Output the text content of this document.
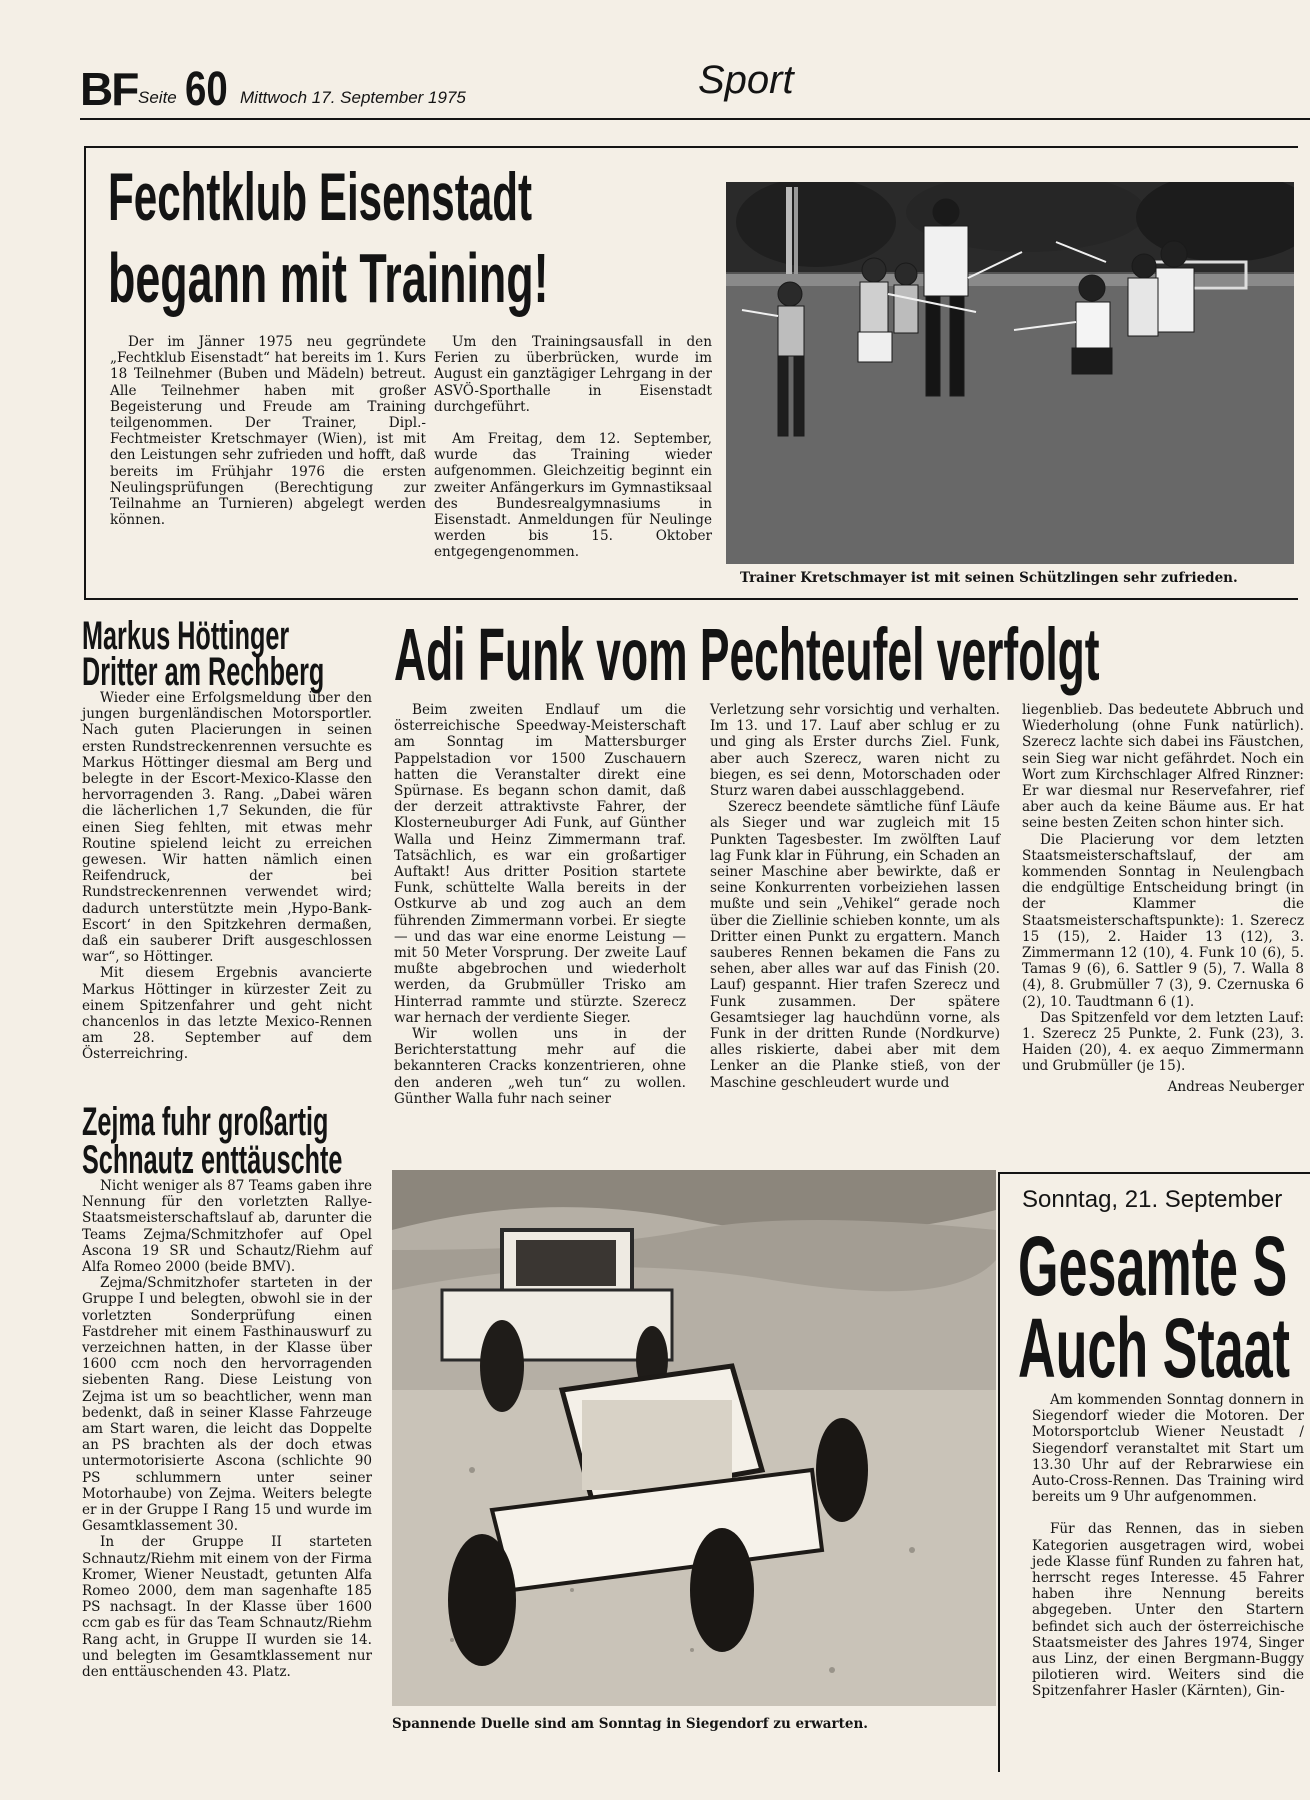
BF Seite 60 Mittwoch 17. September 1975	Sport
Fechtklub Eisenstadt
begann mit Training!

Der im Jänner 1975 neu gegründete „Fechtklub Eisenstadt“ hat bereits im 1. Kurs 18 Teilnehmer (Buben und Mädeln) betreut. Alle Teilnehmer haben mit großer Begeisterung und Freude am Training teilgenommen. Der Trainer, Dipl.-Fechtmeister Kretschmayer (Wien), ist mit den Leistungen sehr zufrieden und hofft, daß bereits im Frühjahr 1976 die ersten Neulingsprüfungen (Berechtigung zur Teilnahme an Turnieren) abgelegt werden können.

Um den Trainingsausfall in den Ferien zu überbrücken, wurde im August ein ganztägiger Lehrgang in der ASVÖ-Sporthalle in Eisenstadt durchgeführt.

Am Freitag, dem 12. September, wurde das Training wieder aufgenommen. Gleichzeitig beginnt ein zweiter Anfängerkurs im Gymnastiksaal des Bundesrealgymnasiums in Eisenstadt. Anmeldungen für Neulinge werden bis 15. Oktober entgegengenommen.

Trainer Kretschmayer ist mit seinen Schützlingen sehr zufrieden.
Markus Höttinger
Dritter am Rechberg

Wieder eine Erfolgsmeldung über den jungen burgenländischen Motorsportler. Nach guten Placierungen in seinen ersten Rundstreckenrennen versuchte es Markus Höttinger diesmal am Berg und belegte in der Escort-Mexico-Klasse den hervorragenden 3. Rang. „Dabei wären die lächerlichen 1,7 Sekunden, die für einen Sieg fehlten, mit etwas mehr Routine spielend leicht zu erreichen gewesen. Wir hatten nämlich einen Reifendruck, der bei Rundstreckenrennen verwendet wird; dadurch unterstützte mein ‚Hypo-Bank-Escort‘ in den Spitzkehren dermaßen, daß ein sauberer Drift ausgeschlossen war“, so Höttinger.

Mit diesem Ergebnis avancierte Markus Höttinger in kürzester Zeit zu einem Spitzenfahrer und geht nicht chancenlos in das letzte Mexico-Rennen am 28. September auf dem Österreichring.

Zejma fuhr großartig
Schnautz enttäuschte

Nicht weniger als 87 Teams gaben ihre Nennung für den vorletzten Rallye-Staatsmeisterschaftslauf ab, darunter die Teams Zejma/Schmitzhofer auf Opel Ascona 19 SR und Schautz/Riehm auf Alfa Romeo 2000 (beide BMV).

Zejma/Schmitzhofer starteten in der Gruppe I und belegten, obwohl sie in der vorletzten Sonderprüfung einen Fastdreher mit einem Fasthinauswurf zu verzeichnen hatten, in der Klasse über 1600 ccm noch den hervorragenden siebenten Rang. Diese Leistung von Zejma ist um so beachtlicher, wenn man bedenkt, daß in seiner Klasse Fahrzeuge am Start waren, die leicht das Doppelte an PS brachten als der doch etwas untermotorisierte Ascona (schlichte 90 PS schlummern unter seiner Motorhaube) von Zejma. Weiters belegte er in der Gruppe I Rang 15 und wurde im Gesamtklassement 30.

In der Gruppe II starteten Schnautz/Riehm mit einem von der Firma Kromer, Wiener Neustadt, getunten Alfa Romeo 2000, dem man sagenhafte 185 PS nachsagt. In der Klasse über 1600 ccm gab es für das Team Schnautz/Riehm Rang acht, in Gruppe II wurden sie 14. und belegten im Gesamtklassement nur den enttäuschenden 43. Platz.

Adi Funk vom Pechteufel verfolgt

Beim zweiten Endlauf um die österreichische Speedway-Meisterschaft am Sonntag im Mattersburger Pappelstadion vor 1500 Zuschauern hatten die Veranstalter direkt eine Spürnase. Es begann schon damit, daß der derzeit attraktivste Fahrer, der Klosterneuburger Adi Funk, auf Günther Walla und Heinz Zimmermann traf. Tatsächlich, es war ein großartiger Auftakt! Aus dritter Position startete Funk, schüttelte Walla bereits in der Ostkurve ab und zog auch an dem führenden Zimmermann vorbei. Er siegte — und das war eine enorme Leistung — mit 50 Meter Vorsprung. Der zweite Lauf mußte abgebrochen und wiederholt werden, da Grubmüller Trisko am Hinterrad rammte und stürzte. Szerecz war hernach der verdiente Sieger.

Wir wollen uns in der Berichterstattung mehr auf die bekannteren Cracks konzentrieren, ohne den anderen „weh tun“ zu wollen. Günther Walla fuhr nach seiner

Verletzung sehr vorsichtig und verhalten. Im 13. und 17. Lauf aber schlug er zu und ging als Erster durchs Ziel. Funk, aber auch Szerecz, waren nicht zu biegen, es sei denn, Motorschaden oder Sturz waren dabei ausschlaggebend.

Szerecz beendete sämtliche fünf Läufe als Sieger und war zugleich mit 15 Punkten Tagesbester. Im zwölften Lauf lag Funk klar in Führung, ein Schaden an seiner Maschine aber bewirkte, daß er seine Konkurrenten vorbeiziehen lassen mußte und sein „Vehikel“ gerade noch über die Ziellinie schieben konnte, um als Dritter einen Punkt zu ergattern. Manch sauberes Rennen bekamen die Fans zu sehen, aber alles war auf das Finish (20. Lauf) gespannt. Hier trafen Szerecz und Funk zusammen. Der spätere Gesamtsieger lag hauchdünn vorne, als Funk in der dritten Runde (Nordkurve) alles riskierte, dabei aber mit dem Lenker an die Planke stieß, von der Maschine geschleudert wurde und

liegenblieb. Das bedeutete Abbruch und Wiederholung (ohne Funk natürlich). Szerecz lachte sich dabei ins Fäustchen, sein Sieg war nicht gefährdet. Noch ein Wort zum Kirchschlager Alfred Rinzner: Er war diesmal nur Reservefahrer, rief aber auch da keine Bäume aus. Er hat seine besten Zeiten schon hinter sich.

Die Placierung vor dem letzten Staatsmeisterschaftslauf, der am kommenden Sonntag in Neulengbach die endgültige Entscheidung bringt (in der Klammer die Staatsmeisterschaftspunkte): 1. Szerecz 15 (15), 2. Haider 13 (12), 3. Zimmermann 12 (10), 4. Funk 10 (6), 5. Tamas 9 (6), 6. Sattler 9 (5), 7. Walla 8 (4), 8. Grubmüller 7 (3), 9. Czernuska 6 (2), 10. Taudtmann 6 (1).

Das Spitzenfeld vor dem letzten Lauf: 1. Szerecz 25 Punkte, 2. Funk (23), 3. Haiden (20), 4. ex aequo Zimmermann und Grubmüller (je 15).

Andreas Neuberger

Spannende Duelle sind am Sonntag in Siegendorf zu erwarten.
Sonntag, 21. September
Gesamte S
Auch Staat

Am kommenden Sonntag donnern in Siegendorf wieder die Motoren. Der Motorsportclub Wiener Neustadt / Siegendorf veranstaltet mit Start um 13.30 Uhr auf der Rebrarwiese ein Auto-Cross-Rennen. Das Training wird bereits um 9 Uhr aufgenommen.

Für das Rennen, das in sieben Kategorien ausgetragen wird, wobei jede Klasse fünf Runden zu fahren hat, herrscht reges Interesse. 45 Fahrer haben ihre Nennung bereits abgegeben. Unter den Startern befindet sich auch der österreichische Staatsmeister des Jahres 1974, Singer aus Linz, der einen Bergmann-Buggy pilotieren wird. Weiters sind die Spitzenfahrer Hasler (Kärnten), Gin-
